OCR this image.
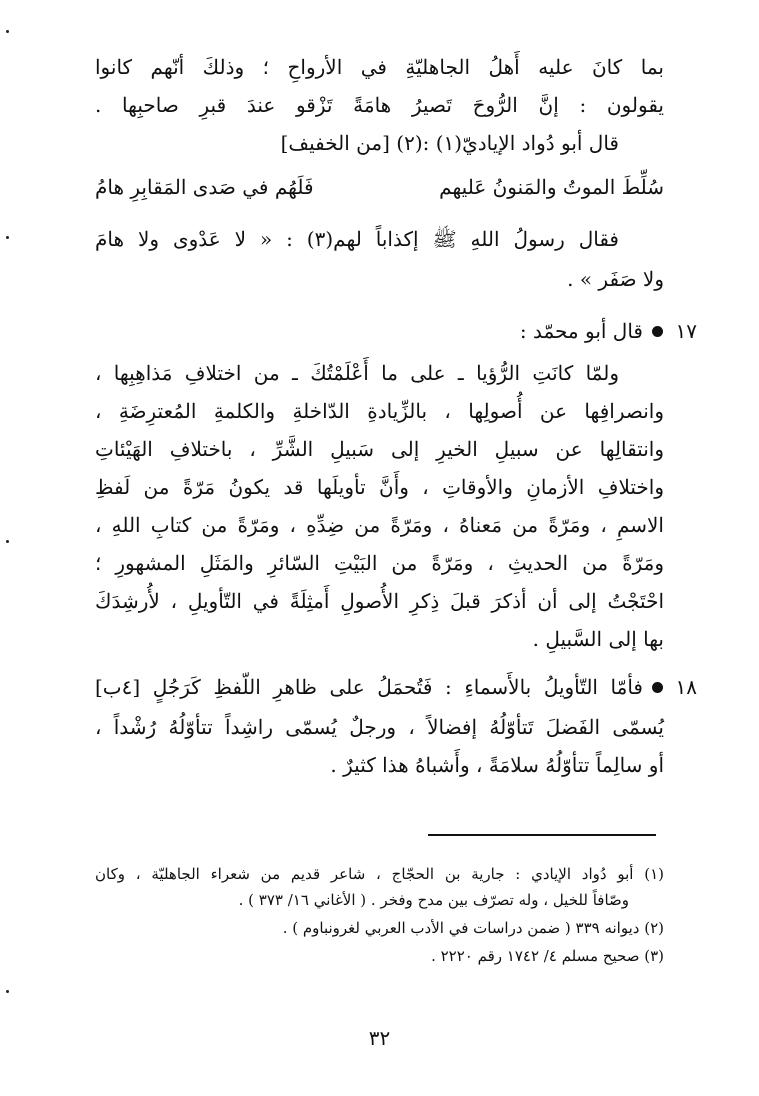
بما كانَ عليه أَهلُ الجاهليّةِ في الأرواحِ ؛ وذلكَ أنّهم كانوا
يقولون : إنَّ الرُّوحَ تَصيرُ هامَةً تَزْقو عندَ قبرِ صاحبِها .
قال أبو دُواد الإياديّ(١) :(٢) [من الخفيف]
سُلِّطَ الموتُ والمَنونُ عَليهم
فَلَهُم في صَدى المَقابِرِ هامُ
فقال رسولُ اللهِ ﷺ إكذاباً لهم(٣) : « لا عَدْوى ولا هامَ
ولا صَفَر » .
١٧
قال أبو محمّد :
ولمّا كانَتِ الرُّؤيا ـ على ما أَعْلَمْتُكَ ـ من اختلافِ مَذاهِبِها ،
وانصرافِها عن أُصولِها ، بالزِّيادةِ الدّاخلةِ والكلمةِ المُعترِضَةِ ،
وانتقالِها عن سبيلِ الخيرِ إلى سَبيلِ الشَّرِّ ، باختلافِ الهَيْئاتِ
واختلافِ الأزمانِ والأوقاتِ ، وأَنَّ تأويلَها قد يكونُ مَرّةً من لَفظِ
الاسمِ ، ومَرّةً من مَعناهُ ، ومَرّةً من ضِدِّهِ ، ومَرّةً من كتابِ اللهِ ،
ومَرّةً من الحديثِ ، ومَرّةً من البَيْتِ السّائرِ والمَثَلِ المشهورِ ؛
احْتَجْتُ إلى أن أذكرَ قبلَ ذِكرِ الأُصولِ أَمثِلَةً في التّأويلِ ، لأُرشِدَكَ
بها إلى السَّبيلِ .
١٨
فأمّا التّأويلُ بالأَسماءِ : فَتُحمَلُ على ظاهرِ اللّفظِ كَرَجُلٍ [٤ب]
يُسمّى الفَضلَ تَتأوّلُهُ إفضالاً ، ورجلٌ يُسمّى راشِداً تتأوّلُهُ رُشْداً ،
أو سالِماً تتأوّلُهُ سلامَةً ، وأَشباهُ هذا كثيرٌ .
(١) أبو دُواد الإيادي : جارية بن الحجّاج ، شاعر قديم من شعراء الجاهليّة ، وكان
وصّافاً للخيل ، وله تصرّف بين مدح وفخر . ( الأغاني ١٦/ ٣٧٣ ) .
(٢) ديوانه ٣٣٩ ( ضمن دراسات في الأدب العربي لغرونباوم ) .
(٣) صحيح مسلم ٤/ ١٧٤٢ رقم ٢٢٢٠ .
٣٢
